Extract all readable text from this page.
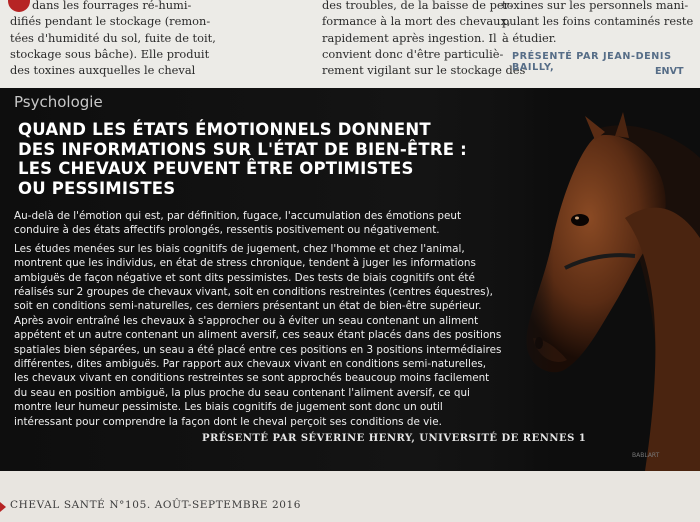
dans les fourrages ré-humi-

difiés pendant le stockage (remon-

tées d'humidité du sol, fuite de toit,

stockage sous bâche). Elle produit

des toxines auxquelles le cheval

des troubles, de la baisse de per-

formance à la mort des chevaux,

rapidement après ingestion. Il

convient donc d'être particuliè-

rement vigilant sur le stockage des

toxines sur les personnels mani-

pulant les foins contaminés reste

à étudier.

PRÉSENTÉ PAR JEAN-DENIS BAILLY,	ENVT
Psychologie
QUAND LES ÉTATS ÉMOTIONNELS DONNENT
DES INFORMATIONS SUR L'ÉTAT DE BIEN-ÊTRE :
LES CHEVAUX PEUVENT ÊTRE OPTIMISTES
OU PESSIMISTES

Au-delà de l'émotion qui est, par définition, fugace, l'accumulation des émotions peut conduire à des états affectifs prolongés, ressentis positivement ou négativement.

Les études menées sur les biais cognitifs de jugement, chez l'homme et chez l'animal, montrent que les individus, en état de stress chronique, tendent à juger les informations ambiguës de façon négative et sont dits pessimistes. Des tests de biais cognitifs ont été réalisés sur 2 groupes de chevaux vivant, soit en conditions restreintes (centres équestres), soit en conditions semi-naturelles, ces derniers présentant un état de bien-être supérieur. Après avoir entraîné les chevaux à s'approcher ou à éviter un seau contenant un aliment appétent et un autre contenant un aliment aversif, ces seaux étant placés dans des positions spatiales bien séparées, un seau a été placé entre ces positions en 3 positions intermédiaires différentes, dites ambiguës. Par rapport aux chevaux vivant en conditions semi-naturelles, les chevaux vivant en conditions restreintes se sont approchés beaucoup moins facilement du seau en position ambiguë, la plus proche du seau contenant l'aliment aversif, ce qui montre leur humeur pessimiste. Les biais cognitifs de jugement sont donc un outil intéressant pour comprendre la façon dont le cheval perçoit ses conditions de vie.

PRÉSENTÉ PAR SÉVERINE HENRY, UNIVERSITÉ DE RENNES 1
BABLART
CHEVAL SANTÉ N°105. AOÛT-SEPTEMBRE 2016
